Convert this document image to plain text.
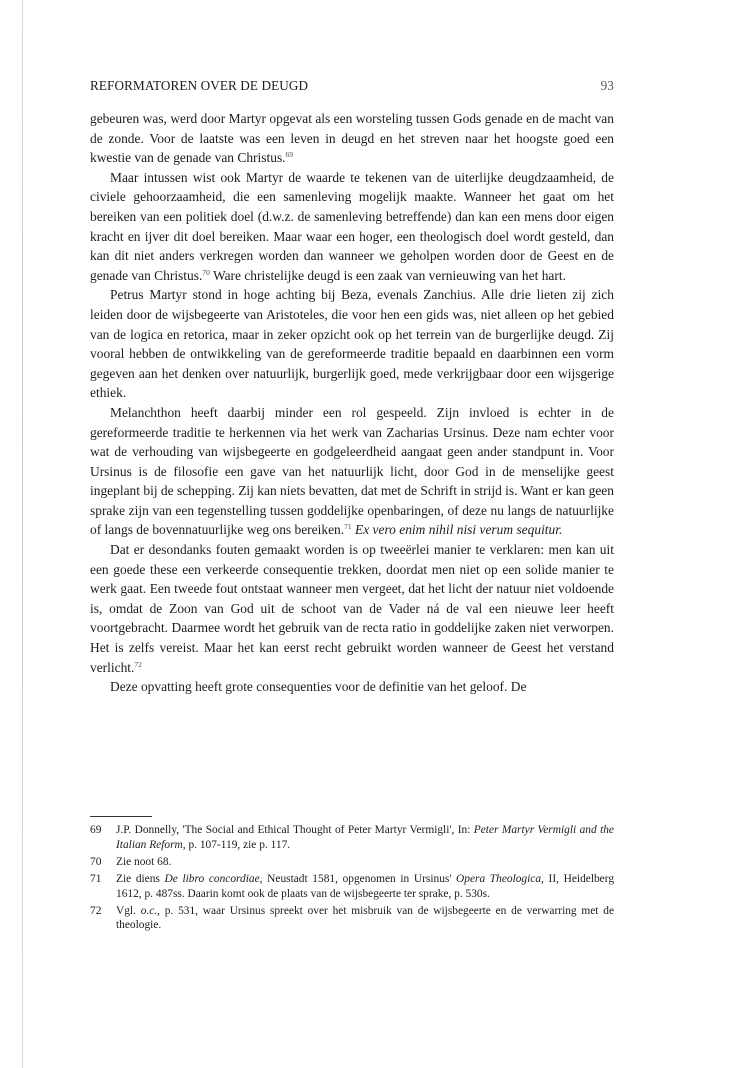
REFORMATOREN OVER DE DEUGD	93

gebeuren was, werd door Martyr opgevat als een worsteling tussen Gods genade en de macht van de zonde. Voor de laatste was een leven in deugd en het streven naar het hoogste goed een kwestie van de genade van Christus.$^{69}$

Maar intussen wist ook Martyr de waarde te tekenen van de uiterlijke deugdzaamheid, de civiele gehoorzaamheid, die een samenleving mogelijk maakte. Wanneer het gaat om het bereiken van een politiek doel (d.w.z. de samenleving betreffende) dan kan een mens door eigen kracht en ijver dit doel bereiken. Maar waar een hoger, een theologisch doel wordt gesteld, dan kan dit niet anders verkregen worden dan wanneer we geholpen worden door de Geest en de genade van Christus.$^{70}$ Ware christelijke deugd is een zaak van vernieuwing van het hart.

Petrus Martyr stond in hoge achting bij Beza, evenals Zanchius. Alle drie lieten zij zich leiden door de wijsbegeerte van Aristoteles, die voor hen een gids was, niet alleen op het gebied van de logica en retorica, maar in zeker opzicht ook op het terrein van de burgerlijke deugd. Zij vooral hebben de ontwikkeling van de gereformeerde traditie bepaald en daarbinnen een vorm gegeven aan het denken over natuurlijk, burgerlijk goed, mede verkrijgbaar door een wijsgerige ethiek.

Melanchthon heeft daarbij minder een rol gespeeld. Zijn invloed is echter in de gereformeerde traditie te herkennen via het werk van Zacharias Ursinus. Deze nam echter voor wat de verhouding van wijsbegeerte en godgeleerdheid aangaat geen ander standpunt in. Voor Ursinus is de filosofie een gave van het natuurlijk licht, door God in de menselijke geest ingeplant bij de schepping. Zij kan niets bevatten, dat met de Schrift in strijd is. Want er kan geen sprake zijn van een tegenstelling tussen goddelijke openbaringen, of deze nu langs de natuurlijke of langs de bovennatuurlijke weg ons bereiken.$^{71}$ Ex vero enim nihil nisi verum sequitur.

Dat er desondanks fouten gemaakt worden is op tweeërlei manier te verklaren: men kan uit een goede these een verkeerde consequentie trekken, doordat men niet op een solide manier te werk gaat. Een tweede fout ontstaat wanneer men vergeet, dat het licht der natuur niet voldoende is, omdat de Zoon van God uit de schoot van de Vader ná de val een nieuwe leer heeft voortgebracht. Daarmee wordt het gebruik van de recta ratio in goddelijke zaken niet verworpen. Het is zelfs vereist. Maar het kan eerst recht gebruikt worden wanneer de Geest het verstand verlicht.$^{72}$

Deze opvatting heeft grote consequenties voor de definitie van het geloof. De

69	J.P. Donnelly, 'The Social and Ethical Thought of Peter Martyr Vermigli', In: Peter Martyr Vermigli and the Italian Reform, p. 107-119, zie p. 117.
70	Zie noot 68.
71	Zie diens De libro concordiae, Neustadt 1581, opgenomen in Ursinus' Opera Theologica, II, Heidelberg 1612, p. 487ss. Daarin komt ook de plaats van de wijsbegeerte ter sprake, p. 530s.
72	Vgl. o.c., p. 531, waar Ursinus spreekt over het misbruik van de wijsbegeerte en de verwarring met de theologie.
